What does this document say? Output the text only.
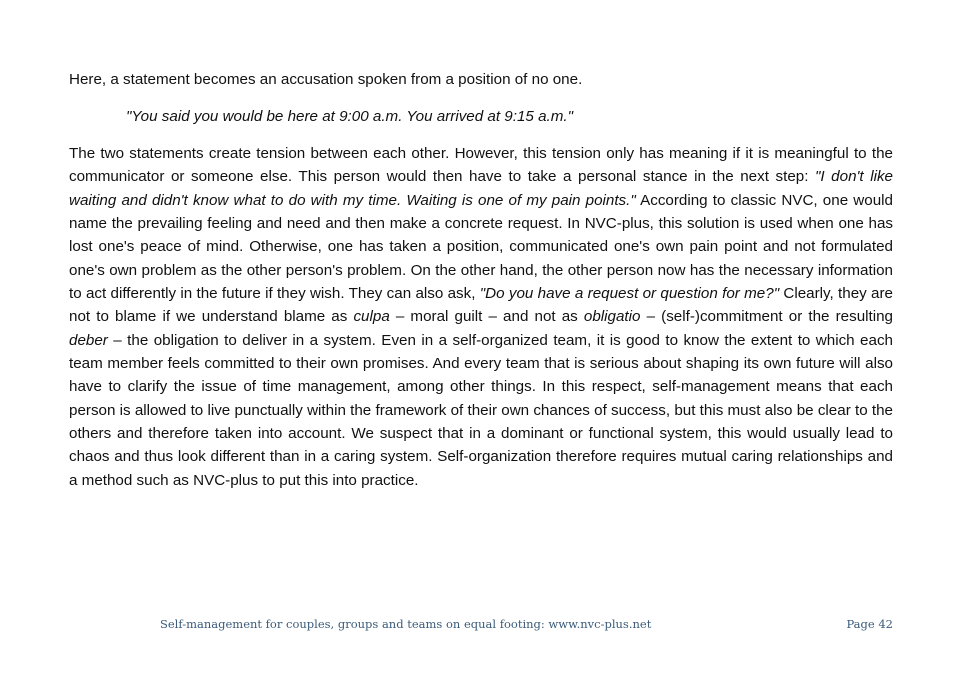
Here, a statement becomes an accusation spoken from a position of no one.

"You said you would be here at 9:00 a.m. You arrived at 9:15 a.m."

The two statements create tension between each other. However, this tension only has meaning if it is meaningful to the communicator or someone else. This person would then have to take a personal stance in the next step: "I don't like waiting and didn't know what to do with my time. Waiting is one of my pain points." According to classic NVC, one would name the prevailing feeling and need and then make a concrete request. In NVC-plus, this solution is used when one has lost one's peace of mind. Otherwise, one has taken a position, communicated one's own pain point and not formulated one's own problem as the other person's problem. On the other hand, the other person now has the necessary information to act differently in the future if they wish. They can also ask, "Do you have a request or question for me?" Clearly, they are not to blame if we understand blame as culpa – moral guilt – and not as obligatio – (self-)commitment or the resulting deber – the obligation to deliver in a system. Even in a self-organized team, it is good to know the extent to which each team member feels committed to their own promises. And every team that is serious about shaping its own future will also have to clarify the issue of time management, among other things. In this respect, self-management means that each person is allowed to live punctually within the framework of their own chances of success, but this must also be clear to the others and therefore taken into account. We suspect that in a dominant or functional system, this would usually lead to chaos and thus look different than in a caring system. Self-organization therefore requires mutual caring relationships and a method such as NVC-plus to put this into practice.

Self-management for couples, groups and teams on equal footing: www.nvc-plus.net	Page 42
